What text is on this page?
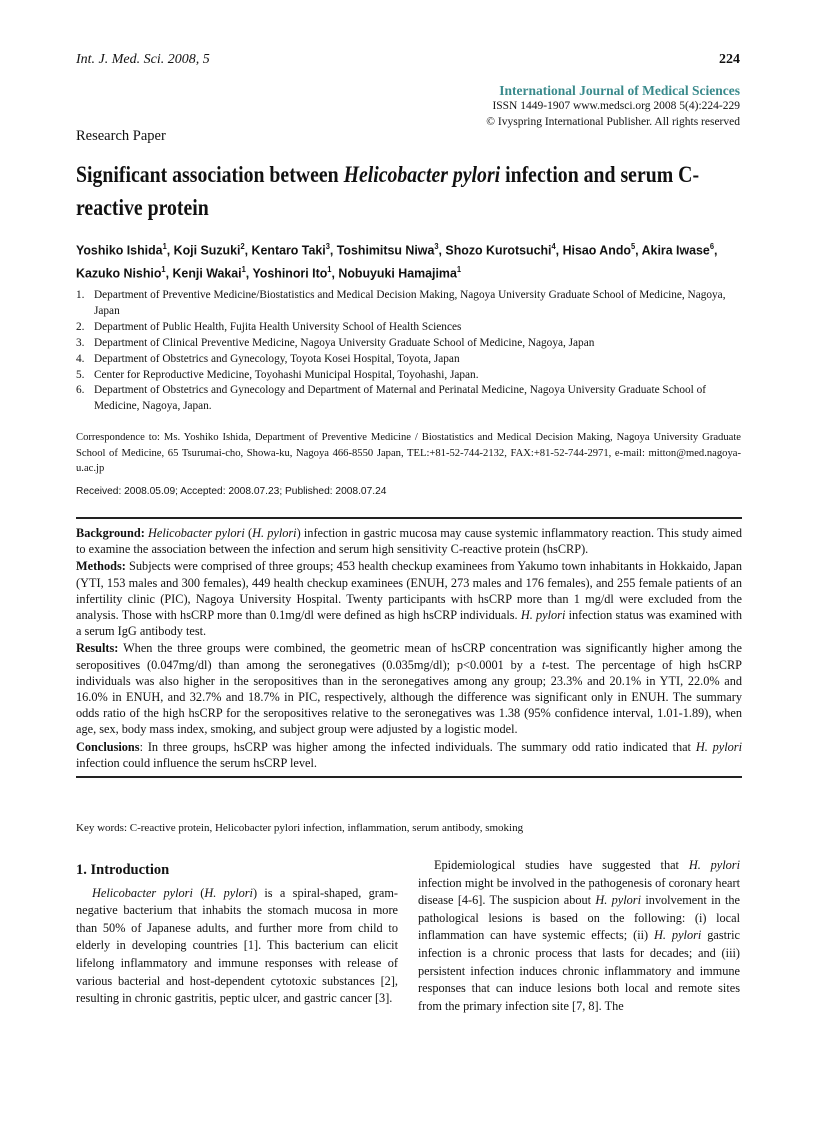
Int. J. Med. Sci. 2008, 5	224
International Journal of Medical Sciences
ISSN 1449-1907 www.medsci.org 2008 5(4):224-229
© Ivyspring International Publisher. All rights reserved
Research Paper
Significant association between Helicobacter pylori infection and serum C-reactive protein
Yoshiko Ishida$^1$, Koji Suzuki$^2$, Kentaro Taki$^3$, Toshimitsu Niwa$^3$, Shozo Kurotsuchi$^4$, Hisao Ando$^5$, Akira Iwase$^6$, Kazuko Nishio$^1$, Kenji Wakai$^1$, Yoshinori Ito$^1$, Nobuyuki Hamajima$^1$
1. Department of Preventive Medicine/Biostatistics and Medical Decision Making, Nagoya University Graduate School of Medicine, Nagoya, Japan
2. Department of Public Health, Fujita Health University School of Health Sciences
3. Department of Clinical Preventive Medicine, Nagoya University Graduate School of Medicine, Nagoya, Japan
4. Department of Obstetrics and Gynecology, Toyota Kosei Hospital, Toyota, Japan
5. Center for Reproductive Medicine, Toyohashi Municipal Hospital, Toyohashi, Japan.
6. Department of Obstetrics and Gynecology and Department of Maternal and Perinatal Medicine, Nagoya University Graduate School of Medicine, Nagoya, Japan.
Correspondence to: Ms. Yoshiko Ishida, Department of Preventive Medicine / Biostatistics and Medical Decision Making, Nagoya University Graduate School of Medicine, 65 Tsurumai-cho, Showa-ku, Nagoya 466-8550 Japan, TEL:+81-52-744-2132, FAX:+81-52-744-2971, e-mail: mitton@med.nagoya-u.ac.jp
Received: 2008.05.09; Accepted: 2008.07.23; Published: 2008.07.24

Background: Helicobacter pylori (H. pylori) infection in gastric mucosa may cause systemic inflammatory reaction. This study aimed to examine the association between the infection and serum high sensitivity C-reactive protein (hsCRP).

Methods: Subjects were comprised of three groups; 453 health checkup examinees from Yakumo town inhabitants in Hokkaido, Japan (YTI, 153 males and 300 females), 449 health checkup examinees (ENUH, 273 males and 176 females), and 255 female patients of an infertility clinic (PIC), Nagoya University Hospital. Twenty participants with hsCRP more than 1 mg/dl were excluded from the analysis. Those with hsCRP more than 0.1mg/dl were defined as high hsCRP individuals. H. pylori infection status was examined with a serum IgG antibody test.

Results: When the three groups were combined, the geometric mean of hsCRP concentration was significantly higher among the seropositives (0.047mg/dl) than among the seronegatives (0.035mg/dl); p<0.0001 by a t-test. The percentage of high hsCRP individuals was also higher in the seropositives than in the seronegatives among any group; 23.3% and 20.1% in YTI, 22.0% and 16.0% in ENUH, and 32.7% and 18.7% in PIC, respectively, although the difference was significant only in ENUH. The summary odds ratio of the high hsCRP for the seropositives relative to the seronegatives was 1.38 (95% confidence interval, 1.01-1.89), when age, sex, body mass index, smoking, and subject group were adjusted by a logistic model.

Conclusions: In three groups, hsCRP was higher among the infected individuals. The summary odd ratio indicated that H. pylori infection could influence the serum hsCRP level.

Key words: C-reactive protein, Helicobacter pylori infection, inflammation, serum antibody, smoking
1. Introduction

Helicobacter pylori (H. pylori) is a spiral-shaped, gram-negative bacterium that inhabits the stomach mucosa in more than 50% of Japanese adults, and further more from child to elderly in developing countries [1]. This bacterium can elicit lifelong inflammatory and immune responses with release of various bacterial and host-dependent cytotoxic substances [2], resulting in chronic gastritis, peptic ulcer, and gastric cancer [3].

Epidemiological studies have suggested that H. pylori infection might be involved in the pathogenesis of coronary heart disease [4-6]. The suspicion about H. pylori involvement in the pathological lesions is based on the following: (i) local inflammation can have systemic effects; (ii) H. pylori gastric infection is a chronic process that lasts for decades; and (iii) persistent infection induces chronic inflammatory and immune responses that can induce lesions both local and remote sites from the primary infection site [7, 8]. The
